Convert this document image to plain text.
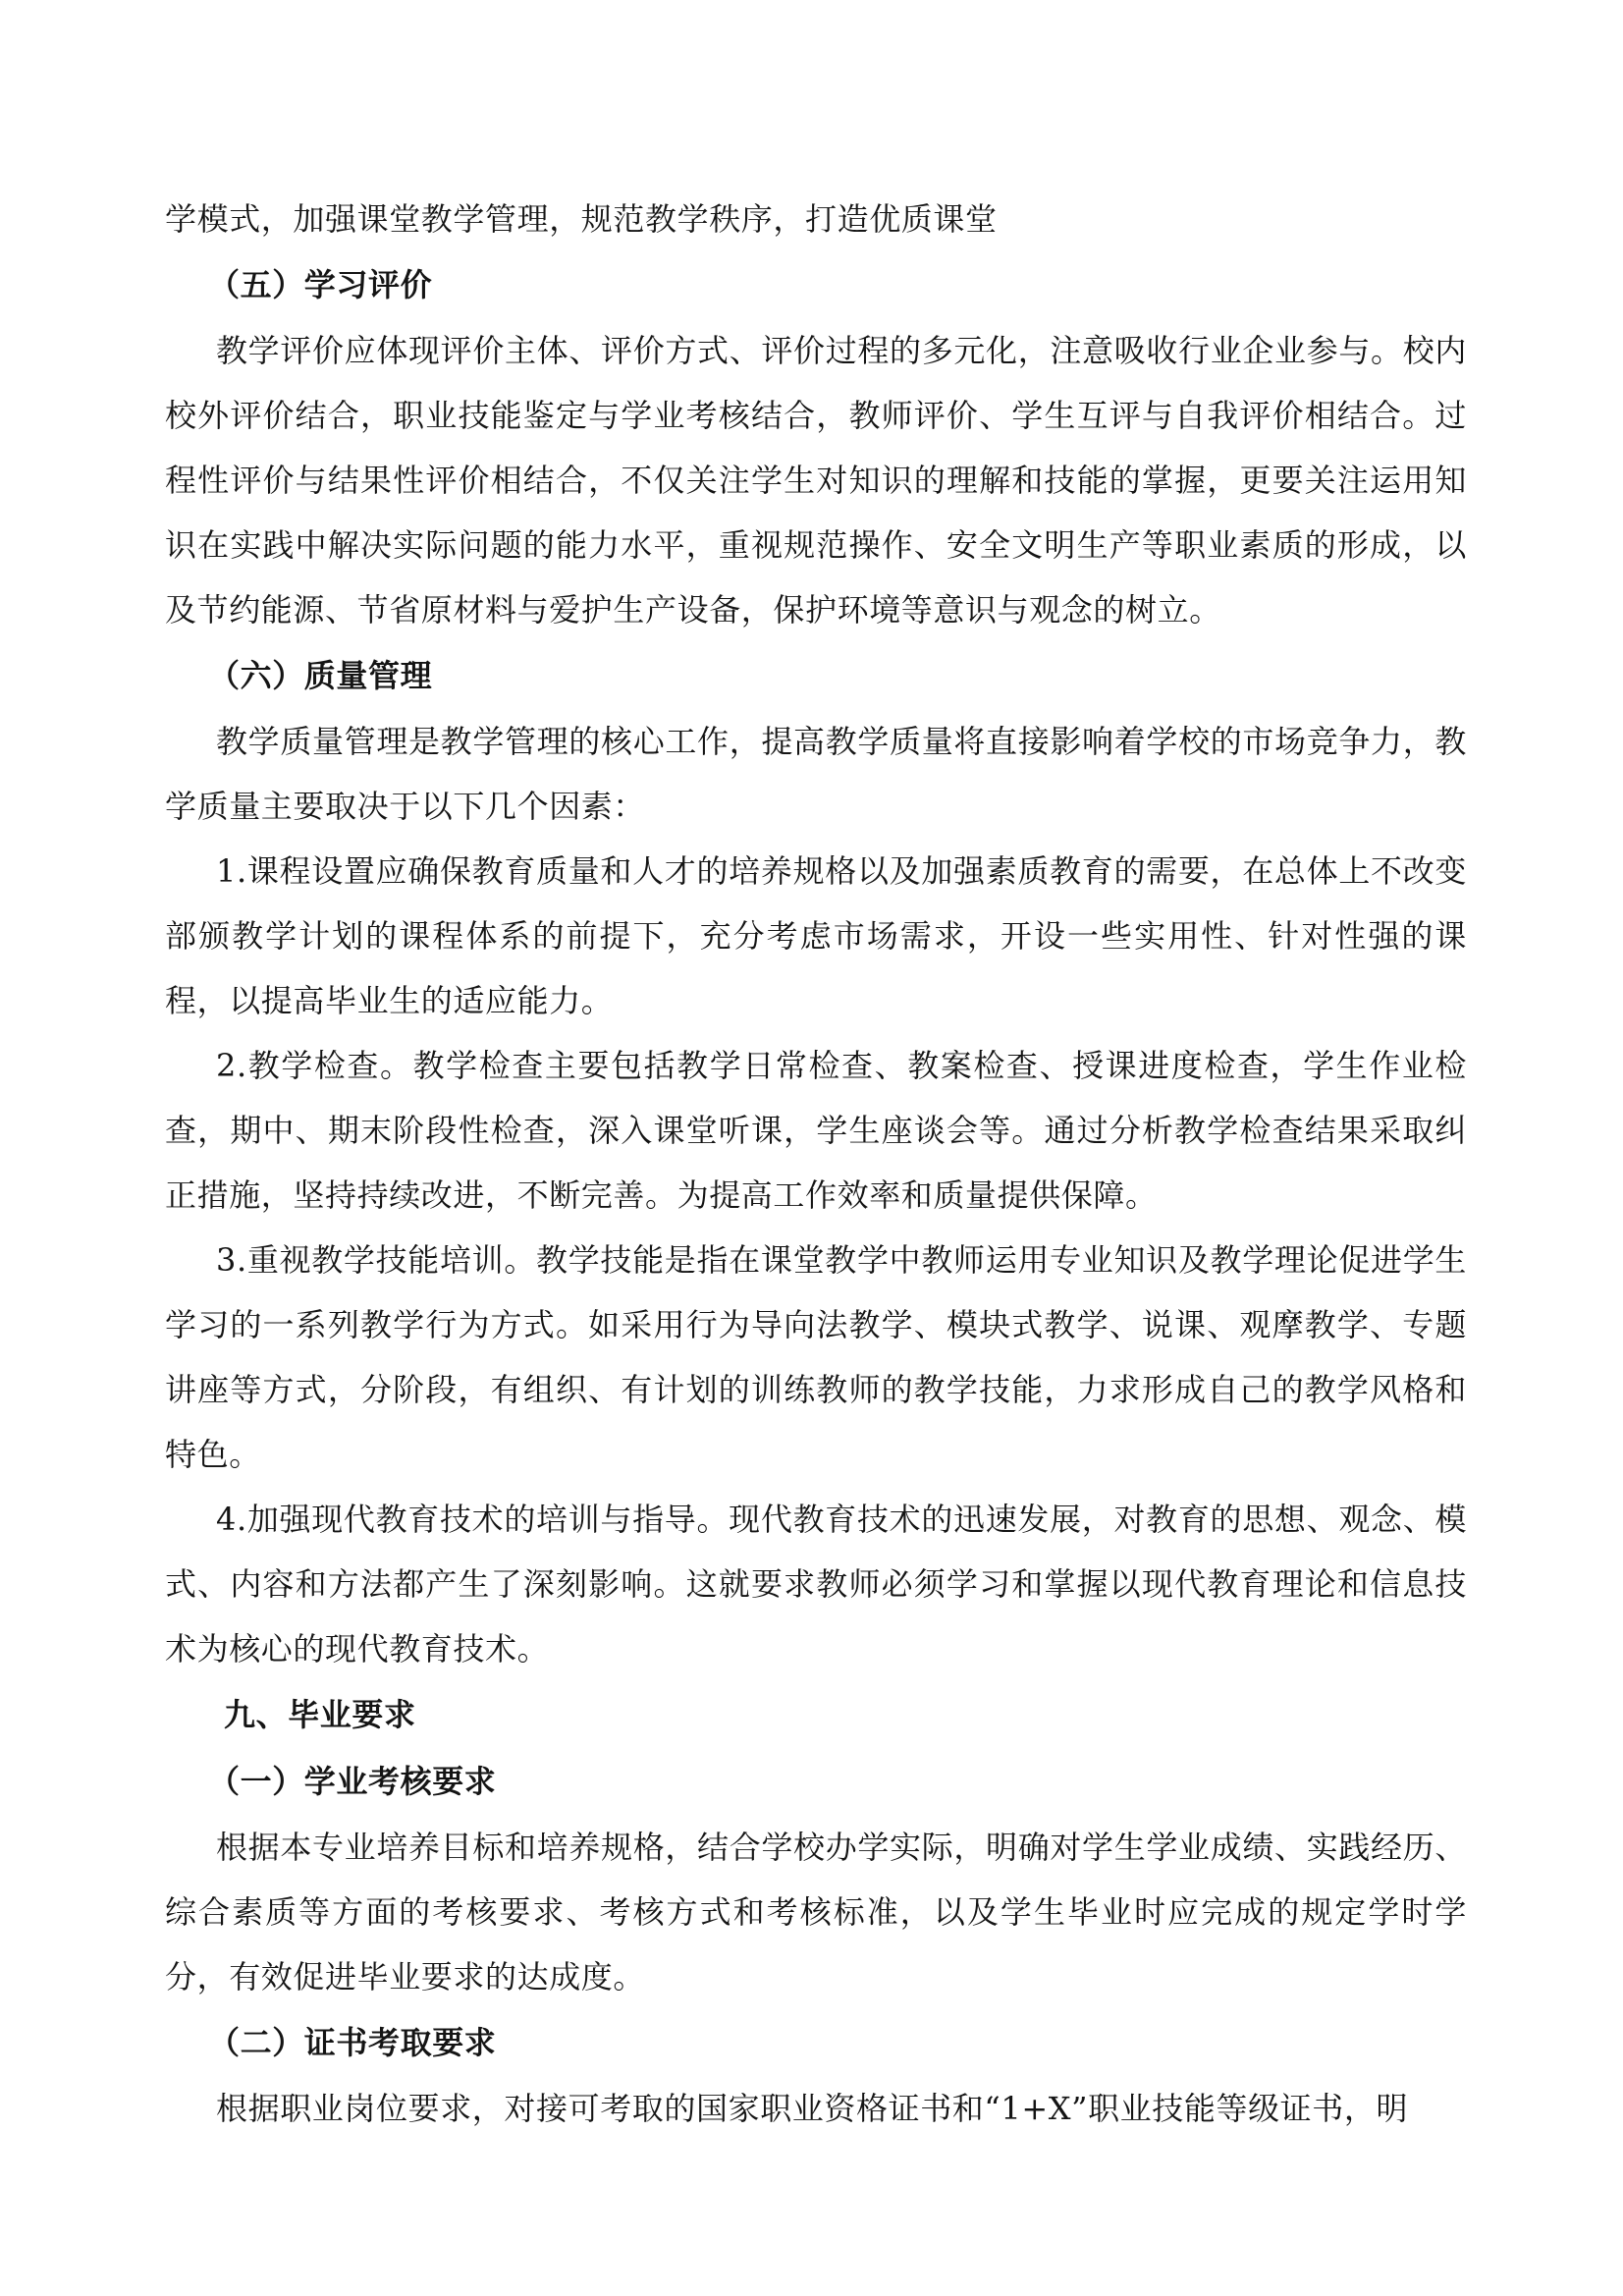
学模式，加强课堂教学管理，规范教学秩序，打造优质课堂

（五）学习评价

教学评价应体现评价主体、评价方式、评价过程的多元化，注意吸收行业企业参与。校内校外评价结合，职业技能鉴定与学业考核结合，教师评价、学生互评与自我评价相结合。过程性评价与结果性评价相结合，不仅关注学生对知识的理解和技能的掌握，更要关注运用知识在实践中解决实际问题的能力水平，重视规范操作、安全文明生产等职业素质的形成，以及节约能源、节省原材料与爱护生产设备，保护环境等意识与观念的树立。

（六）质量管理

教学质量管理是教学管理的核心工作，提高教学质量将直接影响着学校的市场竞争力，教学质量主要取决于以下几个因素：

1.课程设置应确保教育质量和人才的培养规格以及加强素质教育的需要，在总体上不改变部颁教学计划的课程体系的前提下，充分考虑市场需求，开设一些实用性、针对性强的课程，以提高毕业生的适应能力。

2.教学检查。教学检查主要包括教学日常检查、教案检查、授课进度检查，学生作业检查，期中、期末阶段性检查，深入课堂听课，学生座谈会等。通过分析教学检查结果采取纠正措施，坚持持续改进，不断完善。为提高工作效率和质量提供保障。

3.重视教学技能培训。教学技能是指在课堂教学中教师运用专业知识及教学理论促进学生学习的一系列教学行为方式。如采用行为导向法教学、模块式教学、说课、观摩教学、专题讲座等方式，分阶段，有组织、有计划的训练教师的教学技能，力求形成自己的教学风格和特色。

4.加强现代教育技术的培训与指导。现代教育技术的迅速发展，对教育的思想、观念、模式、内容和方法都产生了深刻影响。这就要求教师必须学习和掌握以现代教育理论和信息技术为核心的现代教育技术。

九、毕业要求
（一）学业考核要求

根据本专业培养目标和培养规格，结合学校办学实际，明确对学生学业成绩、实践经历、综合素质等方面的考核要求、考核方式和考核标准，以及学生毕业时应完成的规定学时学分，有效促进毕业要求的达成度。

（二）证书考取要求

根据职业岗位要求，对接可考取的国家职业资格证书和“1+X”职业技能等级证书，明
